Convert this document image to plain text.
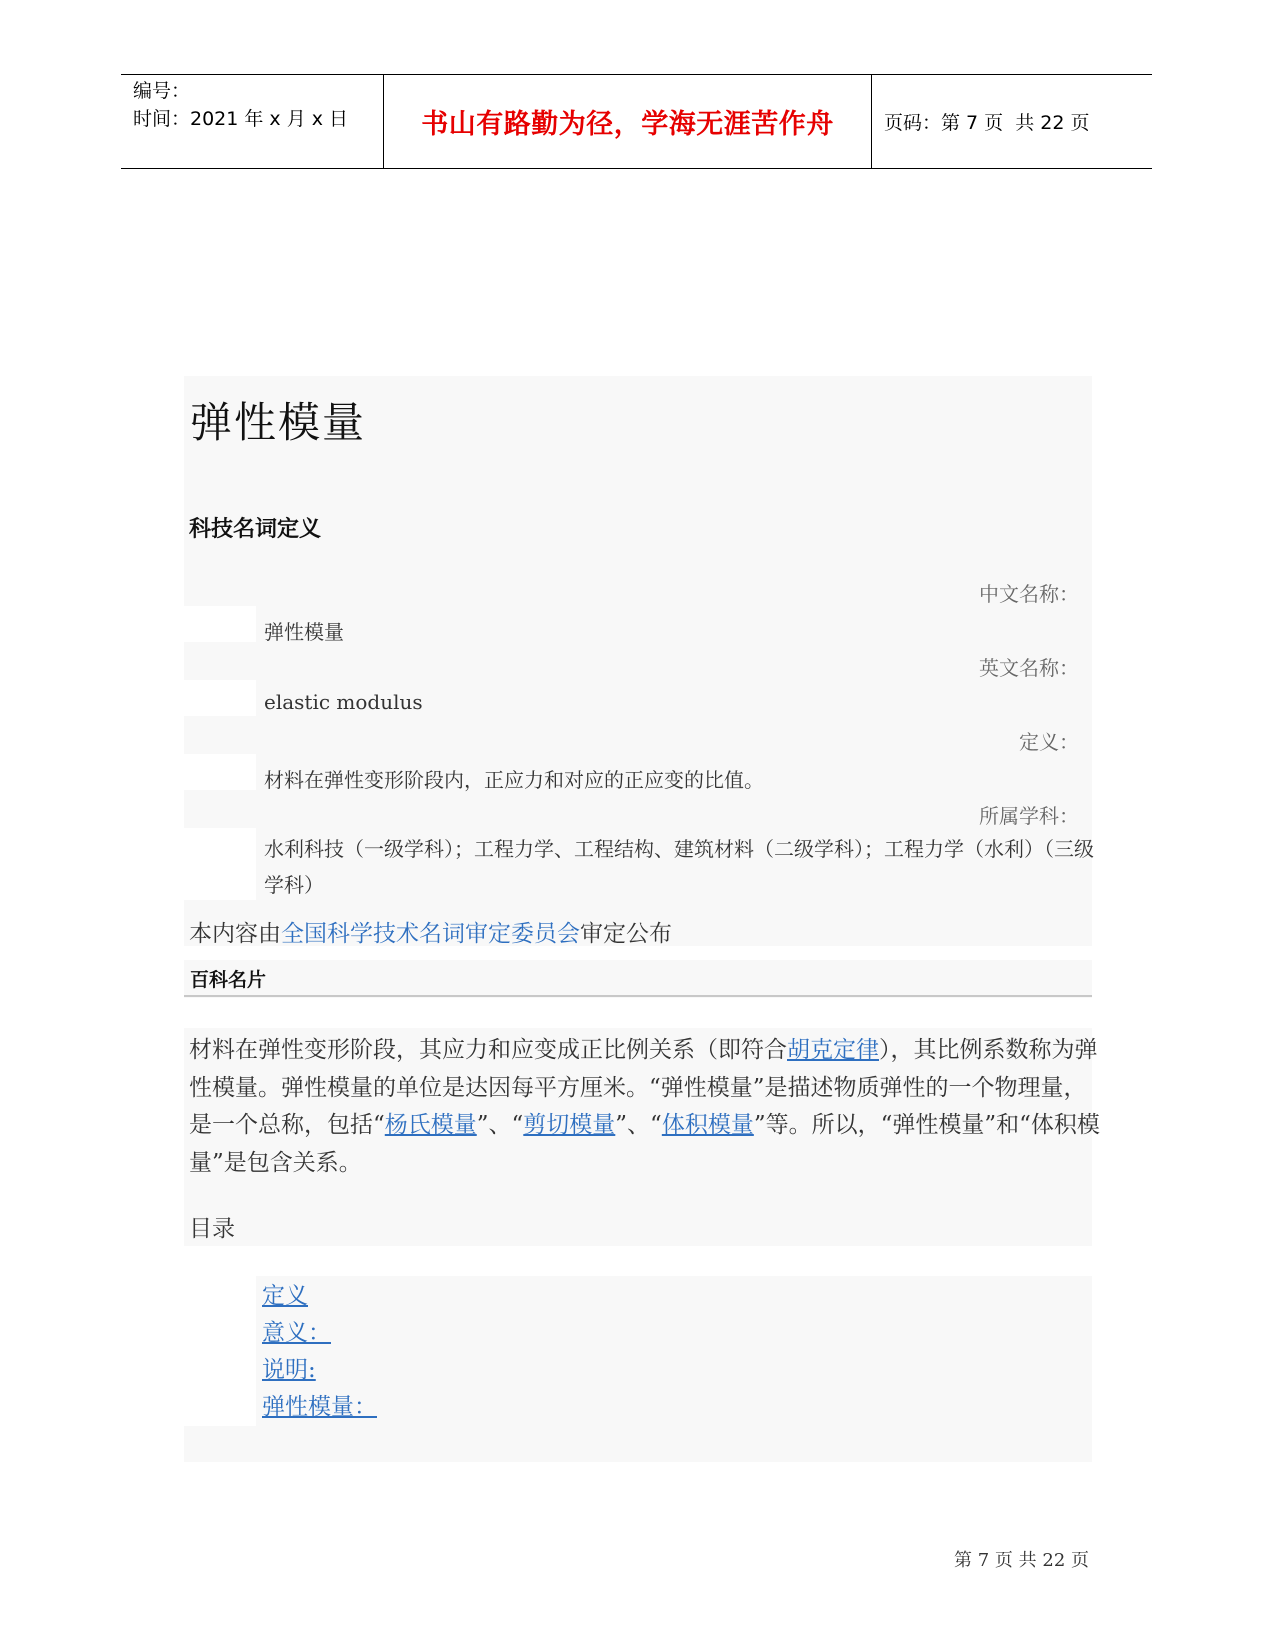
编号：
时间：2021 年 x 月 x 日	书山有路勤为径，学海无涯苦作舟	页码：第 7 页  共 22 页
弹性模量
科技名词定义
中文名称：
弹性模量
英文名称：
elastic modulus
定义：
材料在弹性变形阶段内，正应力和对应的正应变的比值。
所属学科：
水利科技（一级学科）；工程力学、工程结构、建筑材料（二级学科）；工程力学（水利）（三级学科）
本内容由全国科学技术名词审定委员会审定公布
百科名片
材料在弹性变形阶段，其应力和应变成正比例关系（即符合胡克定律），其比例系数称为弹性模量。弹性模量的单位是达因每平方厘米。“弹性模量”是描述物质弹性的一个物理量，是一个总称，包括“杨氏模量”、“剪切模量”、“体积模量”等。所以，“弹性模量”和“体积模量”是包含关系。
目录
定义
意义：
说明:
弹性模量：
第 7 页 共 22 页
